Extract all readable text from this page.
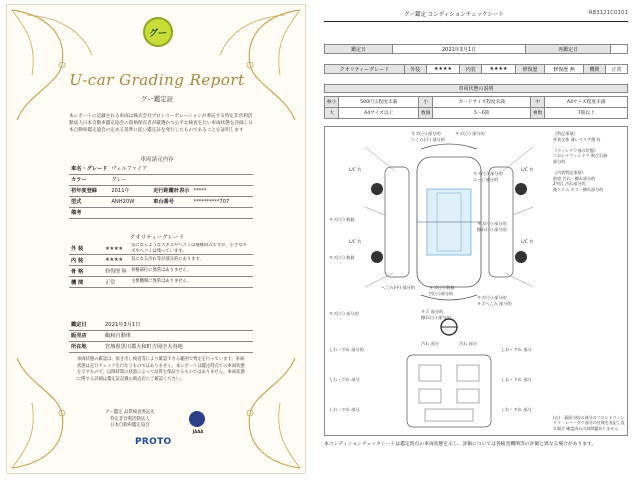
グー
U-car Grading Report
グー鑑定証
本レポートに記載される車両は株式会社プロトコーポレーションが委託する特定非営利活動法人日本自動車鑑定協会の資格保有者が厳選かつ公平な検査を行い車両状態を評価し日本自動車鑑定協会の定める基準に従い鑑定証を発行したものであることを証明します
車両諸元内容
車名・グレード	ヴェルファイア		
カラー	グレー		
初年度登録	2011年	走行距離計表示	*****
型式	ANH20W	車台番号	**********707
備考			
クオリティーグレード
外 装	★★★★	気になるような大キズやヘコミは補修済みですが、小さなキズやヘコミは残っています。
内 装	★★★★	気になる汚れ等が部分的にあります。
骨 格	修復歴 無	骨格部位に異常はありません。
機 関	正常	主要機関に異常はありません。
鑑定日	2021年3月1日
販売店	鶴和自動車
所在地	宮城県黒川郡大和町吉岡字大谷地
車両状態の確認は、抜き出し検査等により確認できる範囲で判定を行っています。車両状態は走行チェックを行なうものではありません。本レポートは鑑定時点での車両状態を示すもので、以降時間の経過によって品質を保証するものではありません。車両状態に関する詳細は鑑定証記載の販売店にご確認ください。
グー鑑定 品質検査委託先
特定非営利活動法人
日本自動車鑑定協会
JAAA
PROTO
グー鑑定 コンディションチェックシート	R83121C0101
鑑定日	2021年3月1日	再鑑定日	
クオリティーグレード	外装	★★★★	内装	★★★★	修復歴	修復歴 無	機関	正常
車両状態の説明
極小	500円玉程度未満	小	カードサイズ程度未満	中	A4サイズ程度未満
大	A4サイズ以上	数個	5〜6箇	複数	7箇以上
キズ(小) 部分的
へこみ(小) 部分的
キズ(小) 部分的
キズ(小) 部分的
エッジ部分的
キズ(小) 数個
キズ(小) 部分的
擦れ(小) 部分的
キズ(小) 数個
へこみ(中) 部分的	キズ(小) 数個
凹(小)部分的
キズ(小) 部分的
キズへこみ 部分的
キズ 部分的
擦れ(小) 部分的
キズ(小) 部分的
しわ・すれ 部分的	しわ・すれ 部分
しわ・すれ 部分	しわ・すれ 部分
しわ・すれ 部分	しわ・すれ 部分
汚れ 部分	汚れ 部分
L/C 有	L/C 有
L/C 有	L/C 有
《特記事項》
外装全体 薄いクリア傷 有

《ウィンドウ部の状態》
フロントウィンドウ 飛び石跡
部分的

《内装特記事項》
前席 汚れ・擦れ部分的
2列目 汚れ部分的
後トリム キズ・擦れ部分的
(五)　裏面 (前)の部分のフロントウィンドウ・レバーダウ部分の仕様を表記し直る場合 確認済みの為問題ありません
本コンディションチェックシートは鑑定時点の車両状態を示し、評価については各検査機関等の評価と異なる場合があります。
